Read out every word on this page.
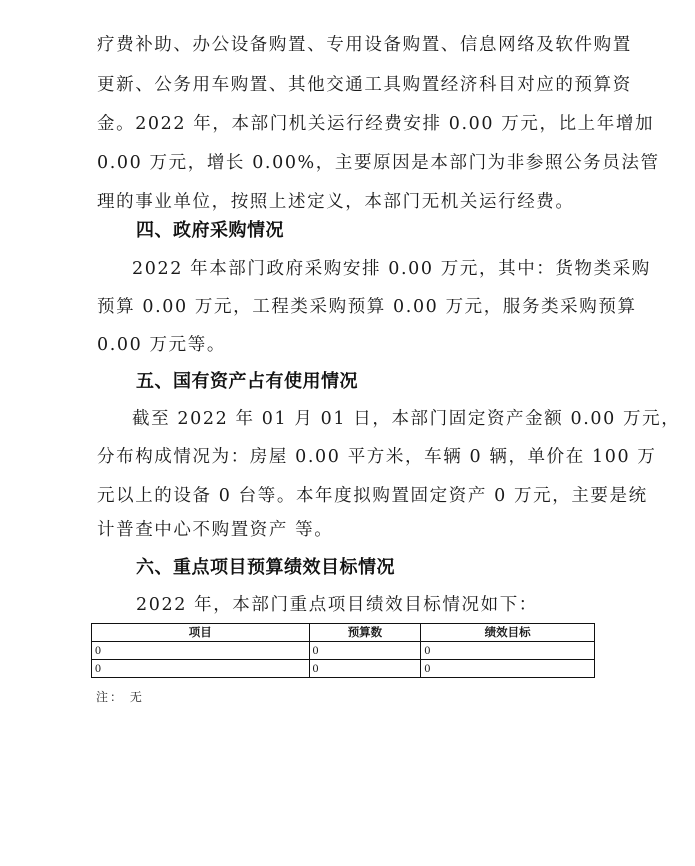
疗费补助、办公设备购置、专用设备购置、信息网络及软件购置
更新、公务用车购置、其他交通工具购置经济科目对应的预算资
金。2022 年，本部门机关运行经费安排 0.00 万元，比上年增加
0.00 万元，增长 0.00%，主要原因是本部门为非参照公务员法管
理的事业单位，按照上述定义，本部门无机关运行经费。
四、政府采购情况
2022 年本部门政府采购安排 0.00 万元，其中：货物类采购
预算 0.00 万元，工程类采购预算 0.00 万元，服务类采购预算
0.00 万元等。
五、国有资产占有使用情况
截至 2022 年 01 月 01 日，本部门固定资产金额 0.00 万元，
分布构成情况为：房屋 0.00 平方米，车辆 0 辆，单价在 100 万
元以上的设备 0 台等。本年度拟购置固定资产 0 万元，主要是统
计普查中心不购置资产 等。
六、重点项目预算绩效目标情况
2022 年，本部门重点项目绩效目标情况如下：
项目	预算数	绩效目标
0	0	0
0	0	0
注： 无
